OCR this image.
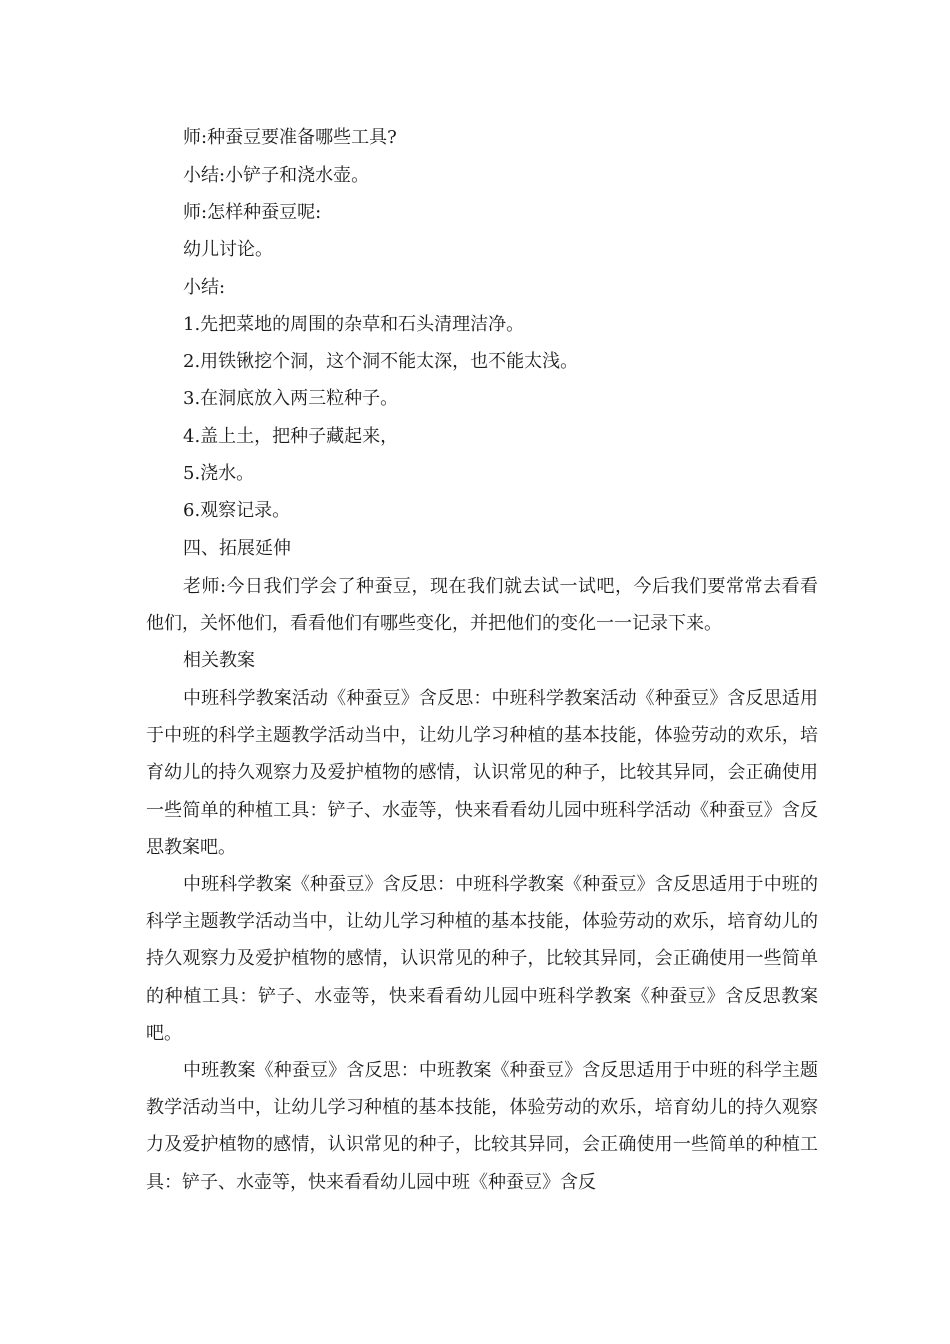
师:种蚕豆要准备哪些工具?
小结:小铲子和浇水壶。
师:怎样种蚕豆呢:
幼儿讨论。
小结:
1.先把菜地的周围的杂草和石头清理洁净。
2.用铁锹挖个洞，这个洞不能太深，也不能太浅。
3.在洞底放入两三粒种子。
4.盖上土，把种子藏起来，
5.浇水。
6.观察记录。
四、拓展延伸
老师:今日我们学会了种蚕豆，现在我们就去试一试吧，今后我们要常常去看看他们，关怀他们，看看他们有哪些变化，并把他们的变化一一记录下来。
相关教案
中班科学教案活动《种蚕豆》含反思：中班科学教案活动《种蚕豆》含反思适用于中班的科学主题教学活动当中，让幼儿学习种植的基本技能，体验劳动的欢乐，培育幼儿的持久观察力及爱护植物的感情，认识常见的种子，比较其异同，会正确使用一些简单的种植工具：铲子、水壶等，快来看看幼儿园中班科学活动《种蚕豆》含反思教案吧。
中班科学教案《种蚕豆》含反思：中班科学教案《种蚕豆》含反思适用于中班的科学主题教学活动当中，让幼儿学习种植的基本技能，体验劳动的欢乐，培育幼儿的持久观察力及爱护植物的感情，认识常见的种子，比较其异同，会正确使用一些简单的种植工具：铲子、水壶等，快来看看幼儿园中班科学教案《种蚕豆》含反思教案吧。
中班教案《种蚕豆》含反思：中班教案《种蚕豆》含反思适用于中班的科学主题教学活动当中，让幼儿学习种植的基本技能，体验劳动的欢乐，培育幼儿的持久观察力及爱护植物的感情，认识常见的种子，比较其异同，会正确使用一些简单的种植工具：铲子、水壶等，快来看看幼儿园中班《种蚕豆》含反
